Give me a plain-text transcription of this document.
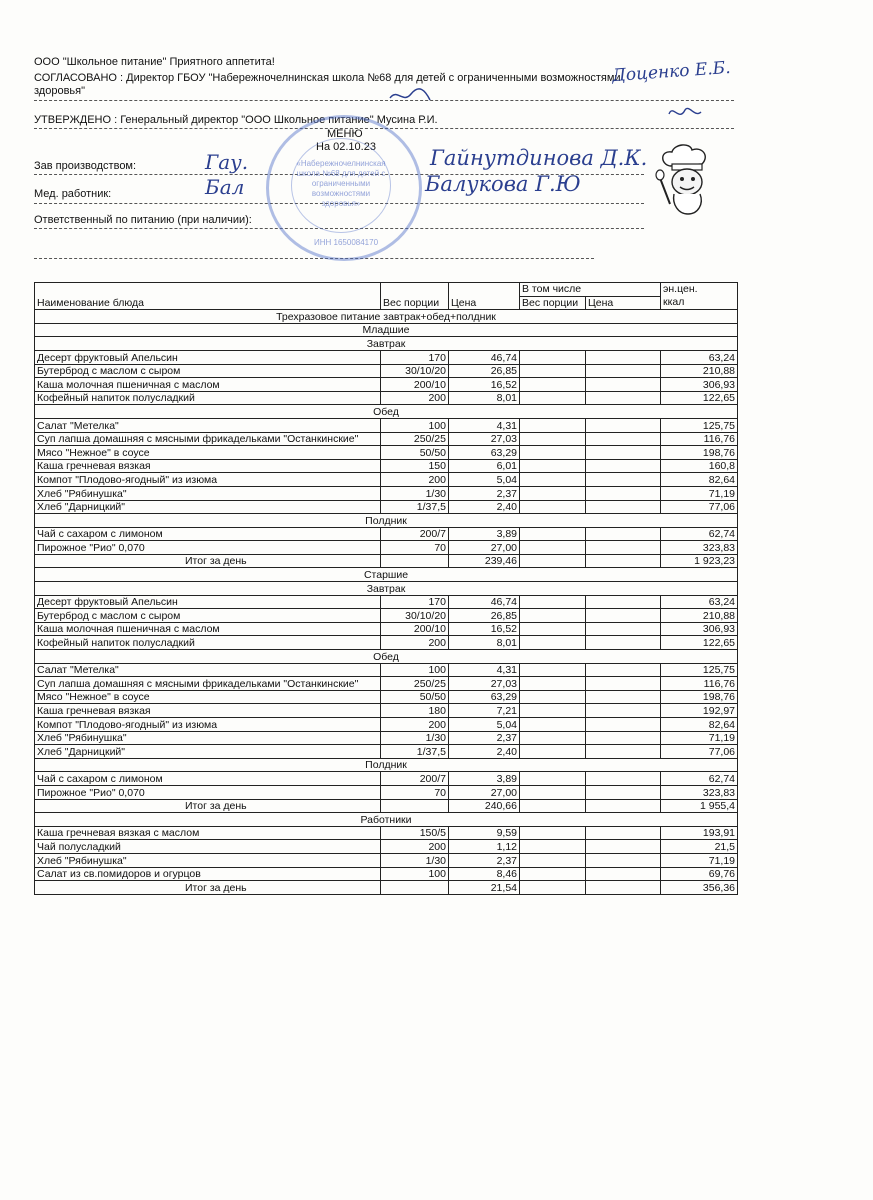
ООО "Школьное питание" Приятного аппетита!
СОГЛАСОВАНО : Директор ГБОУ "Набережночелнинская школа №68 для детей с ограниченными возможностями
здоровья"
УТВЕРЖДЕНО : Генеральный директор "ООО Школьное питание" Мусина Р.И.
МЕНЮ
На 02.10.23
Зав производством:
Мед. работник:
Ответственный по питанию (при наличии):
«Набережночелнинская
школа №68 для детей с
ограниченными
возможностями
здоровья»
ИНН 1650084170
Доценко Е.Б.
Гау.	Гайнутдинова Д.К.
Бал	Балукова Г.Ю
Наименование блюда	Вес порции	Цена	В том числе		эн.цен.
ккал
			Вес порции	Цена	
Трехразовое питание завтрак+обед+полдник					
Младшие					
Завтрак					
Десерт фруктовый Апельсин	170	46,74			63,24
Бутерброд с маслом с сыром	30/10/20	26,85			210,88
Каша молочная пшеничная с маслом	200/10	16,52			306,93
Кофейный напиток полусладкий	200	8,01			122,65
Обед					
Салат "Метелка"	100	4,31			125,75
Суп лапша домашняя с мясными фрикадельками "Останкинские"	250/25	27,03			116,76
Мясо "Нежное" в соусе	50/50	63,29			198,76
Каша гречневая вязкая	150	6,01			160,8
Компот "Плодово-ягодный" из изюма	200	5,04			82,64
Хлеб "Рябинушка"	1/30	2,37			71,19
Хлеб "Дарницкий"	1/37,5	2,40			77,06
Полдник					
Чай с сахаром с лимоном	200/7	3,89			62,74
Пирожное "Рио" 0,070	70	27,00			323,83
Итог за день		239,46			1 923,23
Старшие					
Завтрак					
Десерт фруктовый Апельсин	170	46,74			63,24
Бутерброд с маслом с сыром	30/10/20	26,85			210,88
Каша молочная пшеничная с маслом	200/10	16,52			306,93
Кофейный напиток полусладкий	200	8,01			122,65
Обед					
Салат "Метелка"	100	4,31			125,75
Суп лапша домашняя с мясными фрикадельками "Останкинские"	250/25	27,03			116,76
Мясо "Нежное" в соусе	50/50	63,29			198,76
Каша гречневая вязкая	180	7,21			192,97
Компот "Плодово-ягодный" из изюма	200	5,04			82,64
Хлеб "Рябинушка"	1/30	2,37			71,19
Хлеб "Дарницкий"	1/37,5	2,40			77,06
Полдник					
Чай с сахаром с лимоном	200/7	3,89			62,74
Пирожное "Рио" 0,070	70	27,00			323,83
Итог за день		240,66			1 955,4
Работники					
Каша гречневая вязкая с маслом	150/5	9,59			193,91
Чай полусладкий	200	1,12			21,5
Хлеб "Рябинушка"	1/30	2,37			71,19
Салат из св.помидоров и огурцов	100	8,46			69,76
Итог за день		21,54			356,36
